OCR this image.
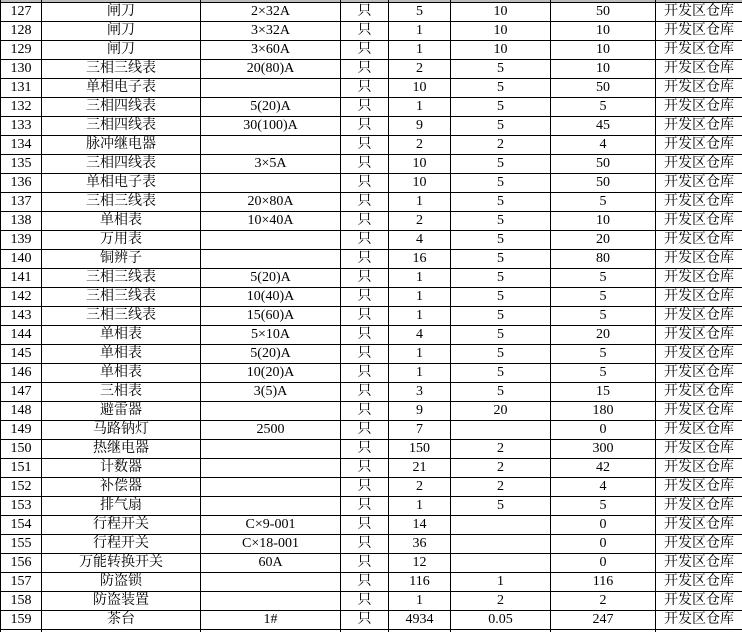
127	闸刀	2×32A	只	5	10	50	开发区仓库
128	闸刀	3×32A	只	1	10	10	开发区仓库
129	闸刀	3×60A	只	1	10	10	开发区仓库
130	三相三线表	20(80)A	只	2	5	10	开发区仓库
131	单相电子表		只	10	5	50	开发区仓库
132	三相四线表	5(20)A	只	1	5	5	开发区仓库
133	三相四线表	30(100)A	只	9	5	45	开发区仓库
134	脉冲继电器		只	2	2	4	开发区仓库
135	三相四线表	3×5A	只	10	5	50	开发区仓库
136	单相电子表		只	10	5	50	开发区仓库
137	三相三线表	20×80A	只	1	5	5	开发区仓库
138	单相表	10×40A	只	2	5	10	开发区仓库
139	万用表		只	4	5	20	开发区仓库
140	铜辨子		只	16	5	80	开发区仓库
141	三相三线表	5(20)A	只	1	5	5	开发区仓库
142	三相三线表	10(40)A	只	1	5	5	开发区仓库
143	三相三线表	15(60)A	只	1	5	5	开发区仓库
144	单相表	5×10A	只	4	5	20	开发区仓库
145	单相表	5(20)A	只	1	5	5	开发区仓库
146	单相表	10(20)A	只	1	5	5	开发区仓库
147	三相表	3(5)A	只	3	5	15	开发区仓库
148	避雷器		只	9	20	180	开发区仓库
149	马路钠灯	2500	只	7		0	开发区仓库
150	热继电器		只	150	2	300	开发区仓库
151	计数器		只	21	2	42	开发区仓库
152	补偿器		只	2	2	4	开发区仓库
153	排气扇		只	1	5	5	开发区仓库
154	行程开关	C×9-001	只	14		0	开发区仓库
155	行程开关	C×18-001	只	36		0	开发区仓库
156	万能转换开关	60A	只	12		0	开发区仓库
157	防盗锁		只	116	1	116	开发区仓库
158	防盗装置		只	1	2	2	开发区仓库
159	茶台	1#	只	4934	0.05	247	开发区仓库
